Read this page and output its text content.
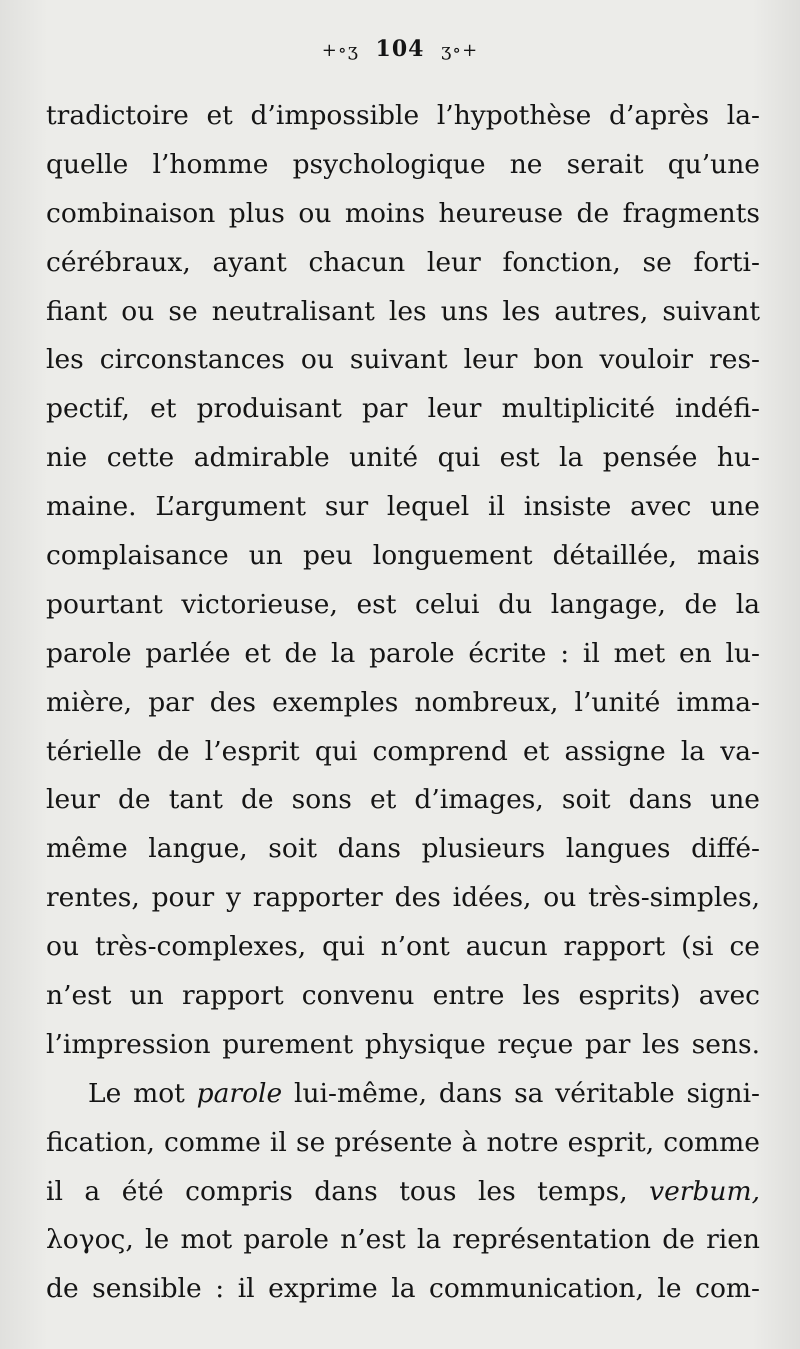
+∘ʒ 104 ʒ∘+
tradictoire et d’impossible l’hypothèse d’après la-
quelle l’homme psychologique ne serait qu’une
combinaison plus ou moins heureuse de fragments
cérébraux, ayant chacun leur fonction, se forti-
fiant ou se neutralisant les uns les autres, suivant
les circonstances ou suivant leur bon vouloir res-
pectif, et produisant par leur multiplicité indéfi-
nie cette admirable unité qui est la pensée hu-
maine. L’argument sur lequel il insiste avec une
complaisance un peu longuement détaillée, mais
pourtant victorieuse, est celui du langage, de la
parole parlée et de la parole écrite : il met en lu-
mière, par des exemples nombreux, l’unité imma-
térielle de l’esprit qui comprend et assigne la va-
leur de tant de sons et d’images, soit dans une
même langue, soit dans plusieurs langues diffé-
rentes, pour y rapporter des idées, ou très-simples,
ou très-complexes, qui n’ont aucun rapport (si ce
n’est un rapport convenu entre les esprits) avec
l’impression purement physique reçue par les sens.
Le mot parole lui-même, dans sa véritable signi-
fication, comme il se présente à notre esprit, comme
il a été compris dans tous les temps, verbum,
λογος, le mot parole n’est la représentation de rien
de sensible : il exprime la communication, le com-
